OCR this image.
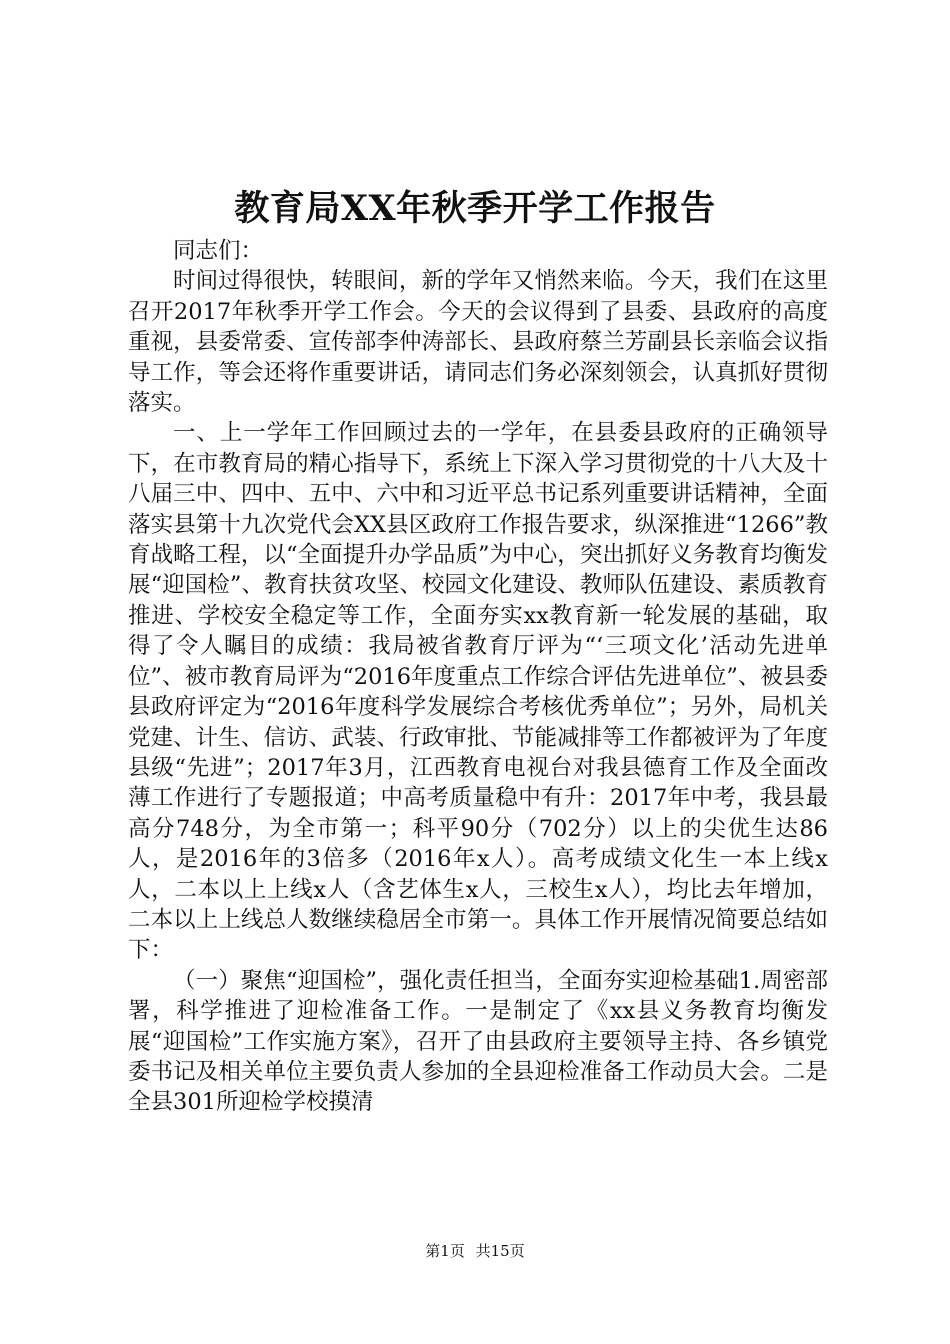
教育局XX年秋季开学工作报告

同志们：

时间过得很快，转眼间，新的学年又悄然来临。今天，我们在这里召开2017年秋季开学工作会。今天的会议得到了县委、县政府的高度重视，县委常委、宣传部李仲涛部长、县政府蔡兰芳副县长亲临会议指导工作，等会还将作重要讲话，请同志们务必深刻领会，认真抓好贯彻落实。

一、上一学年工作回顾过去的一学年，在县委县政府的正确领导下，在市教育局的精心指导下，系统上下深入学习贯彻党的十八大及十八届三中、四中、五中、六中和习近平总书记系列重要讲话精神，全面落实县第十九次党代会XX县区政府工作报告要求，纵深推进“1266”教育战略工程，以“全面提升办学品质”为中心，突出抓好义务教育均衡发展“迎国检”、教育扶贫攻坚、校园文化建设、教师队伍建设、素质教育推进、学校安全稳定等工作，全面夯实xx教育新一轮发展的基础，取得了令人瞩目的成绩：我局被省教育厅评为“‘三项文化’活动先进单位”、被市教育局评为“2016年度重点工作综合评估先进单位”、被县委县政府评定为“2016年度科学发展综合考核优秀单位”；另外，局机关党建、计生、信访、武装、行政审批、节能减排等工作都被评为了年度县级“先进”；2017年3月，江西教育电视台对我县德育工作及全面改薄工作进行了专题报道；中高考质量稳中有升：2017年中考，我县最高分748分，为全市第一；科平90分（702分）以上的尖优生达86人，是2016年的3倍多（2016年x人）。高考成绩文化生一本上线x人，二本以上上线x人（含艺体生x人，三校生x人），均比去年增加，二本以上上线总人数继续稳居全市第一。具体工作开展情况简要总结如下：

（一）聚焦“迎国检”，强化责任担当，全面夯实迎检基础1.周密部署，科学推进了迎检准备工作。一是制定了《xx县义务教育均衡发展“迎国检”工作实施方案》，召开了由县政府主要领导主持、各乡镇党委书记及相关单位主要负责人参加的全县迎检准备工作动员大会。二是全县301所迎检学校摸清

第1页 共15页
